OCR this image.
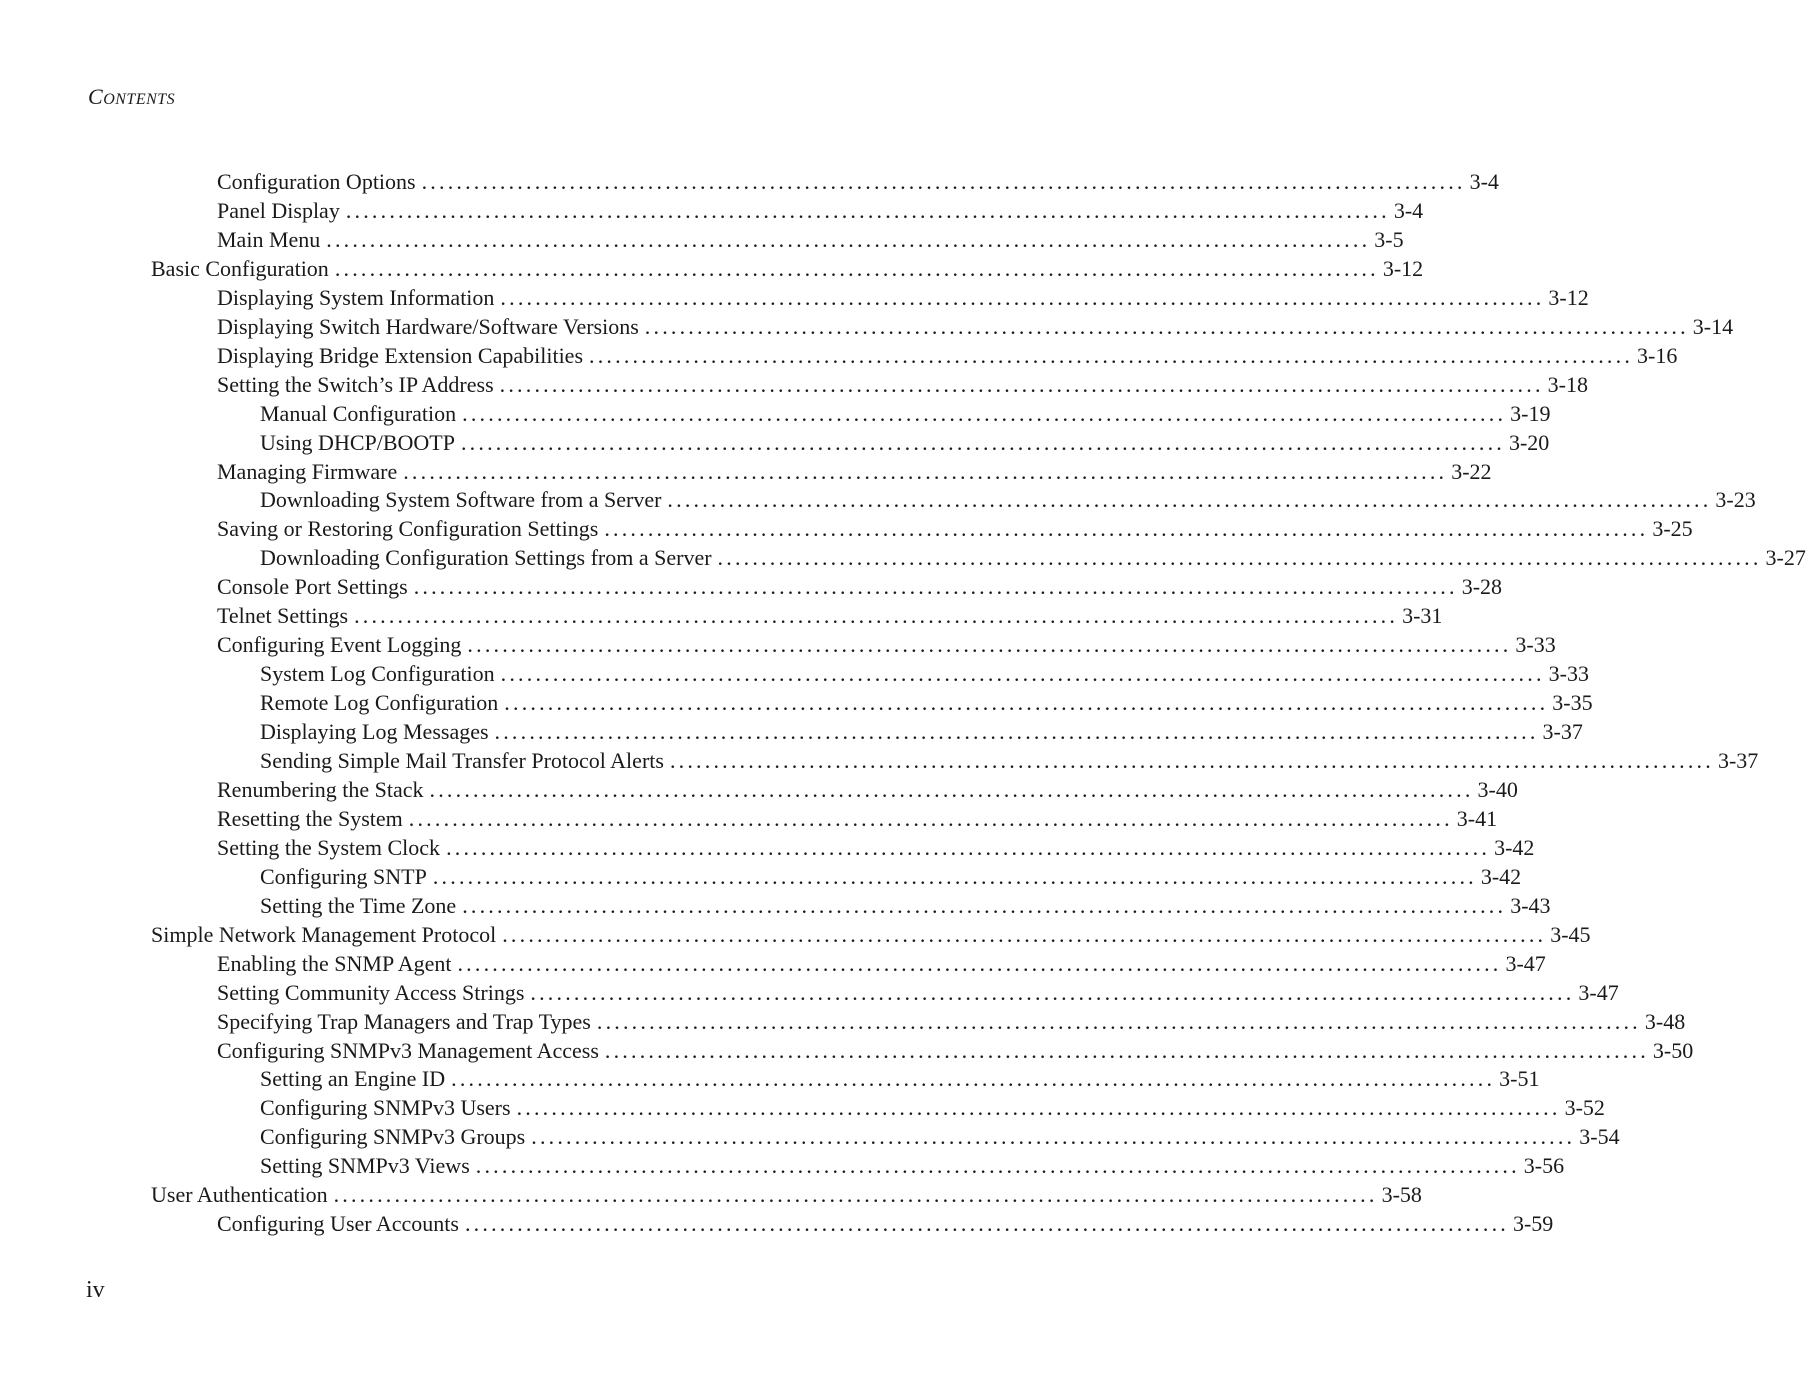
CONTENTS
Configuration Options ........................................................................................................................ 3-4
Panel Display ........................................................................................................................ 3-4
Main Menu ........................................................................................................................ 3-5
Basic Configuration ........................................................................................................................ 3-12
Displaying System Information ........................................................................................................................ 3-12
Displaying Switch Hardware/Software Versions ........................................................................................................................ 3-14
Displaying Bridge Extension Capabilities ........................................................................................................................ 3-16
Setting the Switch’s IP Address ........................................................................................................................ 3-18
Manual Configuration ........................................................................................................................ 3-19
Using DHCP/BOOTP ........................................................................................................................ 3-20
Managing Firmware ........................................................................................................................ 3-22
Downloading System Software from a Server ........................................................................................................................ 3-23
Saving or Restoring Configuration Settings ........................................................................................................................ 3-25
Downloading Configuration Settings from a Server ........................................................................................................................ 3-27
Console Port Settings ........................................................................................................................ 3-28
Telnet Settings ........................................................................................................................ 3-31
Configuring Event Logging ........................................................................................................................ 3-33
System Log Configuration ........................................................................................................................ 3-33
Remote Log Configuration ........................................................................................................................ 3-35
Displaying Log Messages ........................................................................................................................ 3-37
Sending Simple Mail Transfer Protocol Alerts ........................................................................................................................ 3-37
Renumbering the Stack ........................................................................................................................ 3-40
Resetting the System ........................................................................................................................ 3-41
Setting the System Clock ........................................................................................................................ 3-42
Configuring SNTP ........................................................................................................................ 3-42
Setting the Time Zone ........................................................................................................................ 3-43
Simple Network Management Protocol ........................................................................................................................ 3-45
Enabling the SNMP Agent ........................................................................................................................ 3-47
Setting Community Access Strings ........................................................................................................................ 3-47
Specifying Trap Managers and Trap Types ........................................................................................................................ 3-48
Configuring SNMPv3 Management Access ........................................................................................................................ 3-50
Setting an Engine ID ........................................................................................................................ 3-51
Configuring SNMPv3 Users ........................................................................................................................ 3-52
Configuring SNMPv3 Groups ........................................................................................................................ 3-54
Setting SNMPv3 Views ........................................................................................................................ 3-56
User Authentication ........................................................................................................................ 3-58
Configuring User Accounts ........................................................................................................................ 3-59
iv
